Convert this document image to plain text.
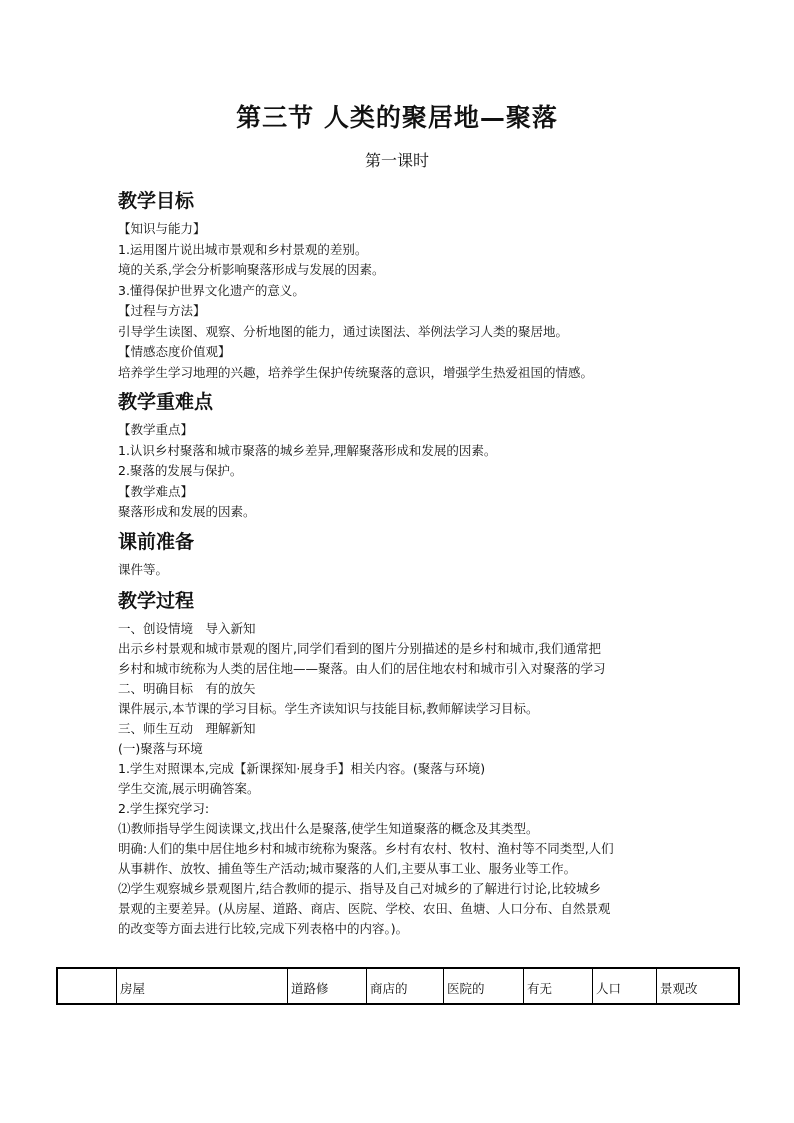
第三节 人类的聚居地—聚落
第一课时
教学目标
【知识与能力】
1.运用图片说出城市景观和乡村景观的差别。
境的关系,学会分析影响聚落形成与发展的因素。
3.懂得保护世界文化遗产的意义。
【过程与方法】
引导学生读图、观察、分析地图的能力，通过读图法、举例法学习人类的聚居地。
【情感态度价值观】
培养学生学习地理的兴趣，培养学生保护传统聚落的意识，增强学生热爱祖国的情感。
教学重难点
【教学重点】
1.认识乡村聚落和城市聚落的城乡差异,理解聚落形成和发展的因素。
2.聚落的发展与保护。
【教学难点】
聚落形成和发展的因素。
课前准备
课件等。
教学过程
一、创设情境　导入新知
出示乡村景观和城市景观的图片,同学们看到的图片分别描述的是乡村和城市,我们通常把
乡村和城市统称为人类的居住地——聚落。由人们的居住地农村和城市引入对聚落的学习
二、明确目标　有的放矢
课件展示,本节课的学习目标。学生齐读知识与技能目标,教师解读学习目标。
三、师生互动　理解新知
(一)聚落与环境
1.学生对照课本,完成【新课探知·展身手】相关内容。(聚落与环境)
学生交流,展示明确答案。
2.学生探究学习:
⑴教师指导学生阅读课文,找出什么是聚落,使学生知道聚落的概念及其类型。
明确:人们的集中居住地乡村和城市统称为聚落。乡村有农村、牧村、渔村等不同类型,人们
从事耕作、放牧、捕鱼等生产活动;城市聚落的人们,主要从事工业、服务业等工作。
⑵学生观察城乡景观图片,结合教师的提示、指导及自己对城乡的了解进行讨论,比较城乡
景观的主要差异。(从房屋、道路、商店、医院、学校、农田、鱼塘、人口分布、自然景观
的改变等方面去进行比较,完成下列表格中的内容。)。
	房屋	道路修	商店的	医院的	有无	人口	景观改
